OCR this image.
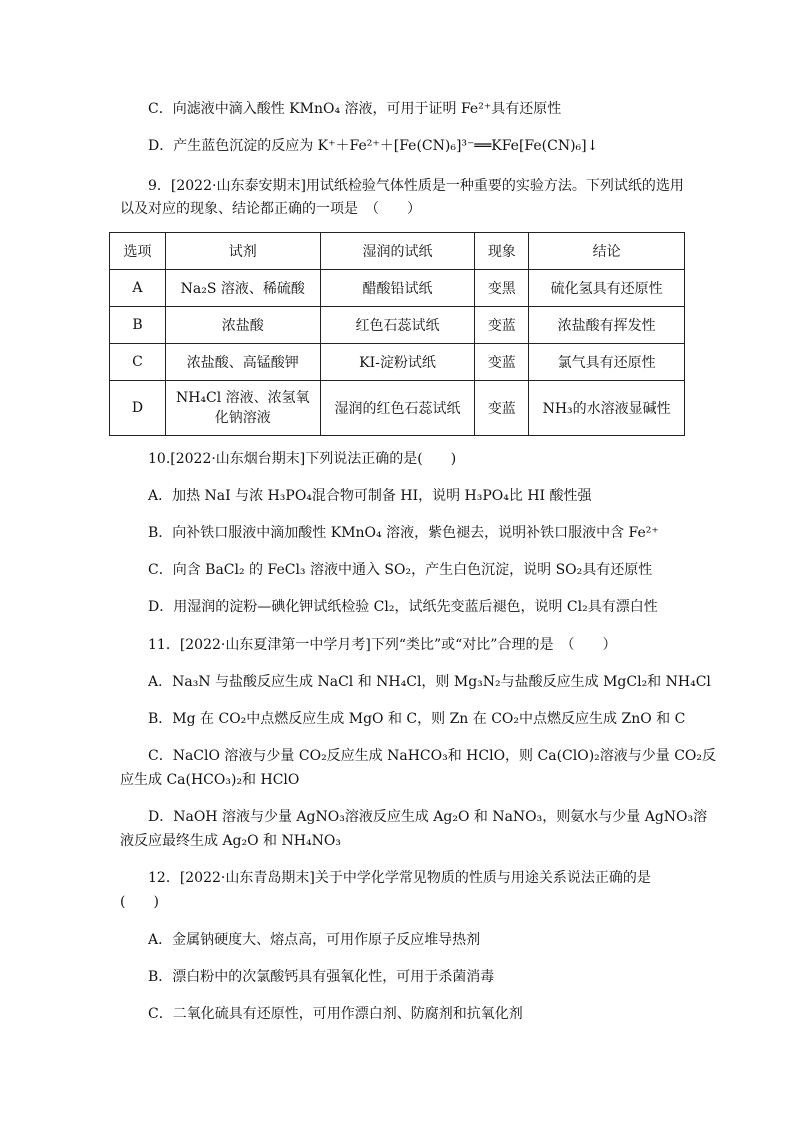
C．向滤液中滴入酸性 KMnO₄ 溶液，可用于证明 Fe²⁺具有还原性
D．产生蓝色沉淀的反应为 K⁺＋Fe²⁺＋[Fe(CN)₆]³⁻══KFe[Fe(CN)₆]↓
9．[2022·山东泰安期末]用试纸检验气体性质是一种重要的实验方法。下列试纸的选用
以及对应的现象、结论都正确的一项是　（　　）
选项	试剂	湿润的试纸	现象	结论
A	Na₂S 溶液、稀硫酸	醋酸铅试纸	变黑	硫化氢具有还原性
B	浓盐酸	红色石蕊试纸	变蓝	浓盐酸有挥发性
C	浓盐酸、高锰酸钾	KI-淀粉试纸	变蓝	氯气具有还原性
D	NH₄Cl 溶液、浓氢氧化钠溶液	湿润的红色石蕊试纸	变蓝	NH₃的水溶液显碱性
10.[2022·山东烟台期末]下列说法正确的是(　　)
A．加热 NaI 与浓 H₃PO₄混合物可制备 HI，说明 H₃PO₄比 HI 酸性强
B．向补铁口服液中滴加酸性 KMnO₄ 溶液，紫色褪去，说明补铁口服液中含 Fe²⁺
C．向含 BaCl₂ 的 FeCl₃ 溶液中通入 SO₂，产生白色沉淀，说明 SO₂具有还原性
D．用湿润的淀粉—碘化钾试纸检验 Cl₂，试纸先变蓝后褪色，说明 Cl₂具有漂白性
11．[2022·山东夏津第一中学月考]下列“类比”或“对比”合理的是　（　　）
A．Na₃N 与盐酸反应生成 NaCl 和 NH₄Cl，则 Mg₃N₂与盐酸反应生成 MgCl₂和 NH₄Cl
B．Mg 在 CO₂中点燃反应生成 MgO 和 C，则 Zn 在 CO₂中点燃反应生成 ZnO 和 C
C．NaClO 溶液与少量 CO₂反应生成 NaHCO₃和 HClO，则 Ca(ClO)₂溶液与少量 CO₂反
应生成 Ca(HCO₃)₂和 HClO
D．NaOH 溶液与少量 AgNO₃溶液反应生成 Ag₂O 和 NaNO₃，则氨水与少量 AgNO₃溶
液反应最终生成 Ag₂O 和 NH₄NO₃
12．[2022·山东青岛期末]关于中学化学常见物质的性质与用途关系说法正确的是
(　　)
A．金属钠硬度大、熔点高，可用作原子反应堆导热剂
B．漂白粉中的次氯酸钙具有强氧化性，可用于杀菌消毒
C．二氧化硫具有还原性，可用作漂白剂、防腐剂和抗氧化剂
